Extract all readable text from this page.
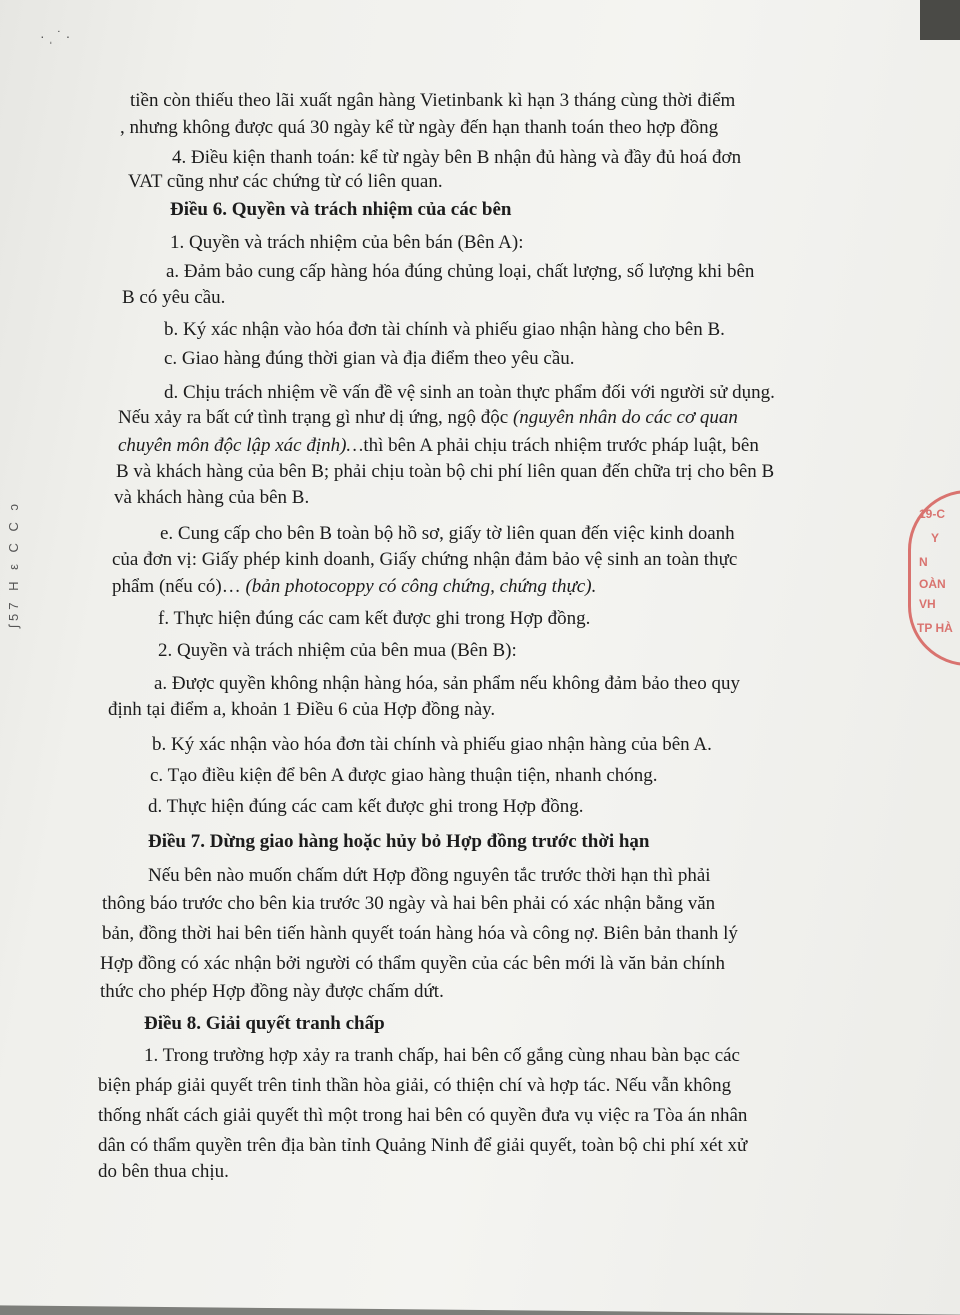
· ˌ ˙ ·
ʃ57 H ε C C ɔ	19-C
Y
N
OÀN
VH
TP HÀ
tiền còn thiếu theo lãi xuất ngân hàng Vietinbank kì hạn 3 tháng cùng thời điểm
, nhưng không được quá 30 ngày kể từ ngày đến hạn thanh toán theo hợp đồng
4. Điều kiện thanh toán: kể từ ngày bên B nhận đủ hàng và đầy đủ hoá đơn
VAT cũng như các chứng từ có liên quan.
Điều 6. Quyền và trách nhiệm của các bên
1. Quyền và trách nhiệm của bên bán (Bên A):
a. Đảm bảo cung cấp hàng hóa đúng chủng loại, chất lượng, số lượng khi bên
B có yêu cầu.
b. Ký xác nhận vào hóa đơn tài chính và phiếu giao nhận hàng cho bên B.
c. Giao hàng đúng thời gian và địa điểm theo yêu cầu.
d. Chịu trách nhiệm về vấn đề vệ sinh an toàn thực phẩm đối với người sử dụng.
Nếu xảy ra bất cứ tình trạng gì như dị ứng, ngộ độc (nguyên nhân do các cơ quan
chuyên môn độc lập xác định)…thì bên A phải chịu trách nhiệm trước pháp luật, bên
B và khách hàng của bên B; phải chịu toàn bộ chi phí liên quan đến chữa trị cho bên B
và khách hàng của bên B.
e. Cung cấp cho bên B toàn bộ hồ sơ, giấy tờ liên quan đến việc kinh doanh
của đơn vị: Giấy phép kinh doanh, Giấy chứng nhận đảm bảo vệ sinh an toàn thực
phẩm (nếu có)… (bản photocoppy có công chứng, chứng thực).
f. Thực hiện đúng các cam kết được ghi trong Hợp đồng.
2. Quyền và trách nhiệm của bên mua (Bên B):
a. Được quyền không nhận hàng hóa, sản phẩm nếu không đảm bảo theo quy
định tại điểm a, khoản 1 Điều 6 của Hợp đồng này.
b. Ký xác nhận vào hóa đơn tài chính và phiếu giao nhận hàng của bên A.
c. Tạo điều kiện để bên A được giao hàng thuận tiện, nhanh chóng.
d. Thực hiện đúng các cam kết được ghi trong Hợp đồng.
Điều 7. Dừng giao hàng hoặc hủy bỏ Hợp đồng trước thời hạn
Nếu bên nào muốn chấm dứt Hợp đồng nguyên tắc trước thời hạn thì phải
thông báo trước cho bên kia trước 30 ngày và hai bên phải có xác nhận bằng văn
bản, đồng thời hai bên tiến hành quyết toán hàng hóa và công nợ. Biên bản thanh lý
Hợp đồng có xác nhận bởi người có thẩm quyền của các bên mới là văn bản chính
thức cho phép Hợp đồng này được chấm dứt.
Điều 8. Giải quyết tranh chấp
1. Trong trường hợp xảy ra tranh chấp, hai bên cố gắng cùng nhau bàn bạc các
biện pháp giải quyết trên tinh thần hòa giải, có thiện chí và hợp tác. Nếu vẫn không
thống nhất cách giải quyết thì một trong hai bên có quyền đưa vụ việc ra Tòa án nhân
dân có thẩm quyền trên địa bàn tỉnh Quảng Ninh để giải quyết, toàn bộ chi phí xét xử
do bên thua chịu.
